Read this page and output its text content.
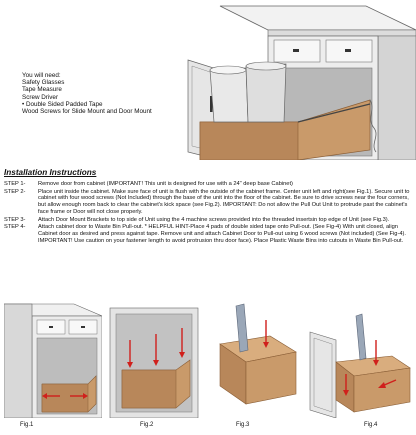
You will need:
Safety Glasses
Tape Measure
Screw Driver
• Double Sided Padded Tape
Wood Screws for Slide Mount and Door Mount
Installation Instructions
STEP 1-	Remove door from cabinet (IMPORTANT! This unit is designed for use with a 24" deep base Cabinet)
STEP 2-	Place unit inside the cabinet. Make sure face of unit is flush with the outside of the cabinet frame. Center unit left and right(see Fig.1). Secure unit to cabinet with four wood screws (Not Included) through the base of the unit into the floor of the cabinet. Be sure to drive screws near the four corners, but allow enough room back to clear the cabinet's kick space (see Fig.2). IMPORTANT: Do not allow the Pull Out Unit to protrude past the cabinet's face frame or Door will not close properly.
STEP 3-	Attach Door Mount Brackets to top side of Unit using the 4 machine screws provided into the threaded insertsin top edge of Unit (see Fig.3).
STEP 4-	Attach cabinet door to Waste Bin Pull-out. * HELPFUL HINT-Place 4 pads of double sided tape onto Pull-out. (See Fig-4) With unit closed, align Cabinet door as desired and press against tape. Remove unit and attach Cabinet Door to Pull-out using 6 wood screws (Not included) (See Fig-4). IMPORTANT! Use caution on your fastener length to avoid protrusion thru door face). Place Plastic Waste Bins into cutouts in Waste Bin Pull-out.
Fig.1	Fig.2	Fig.3	Fig.4
